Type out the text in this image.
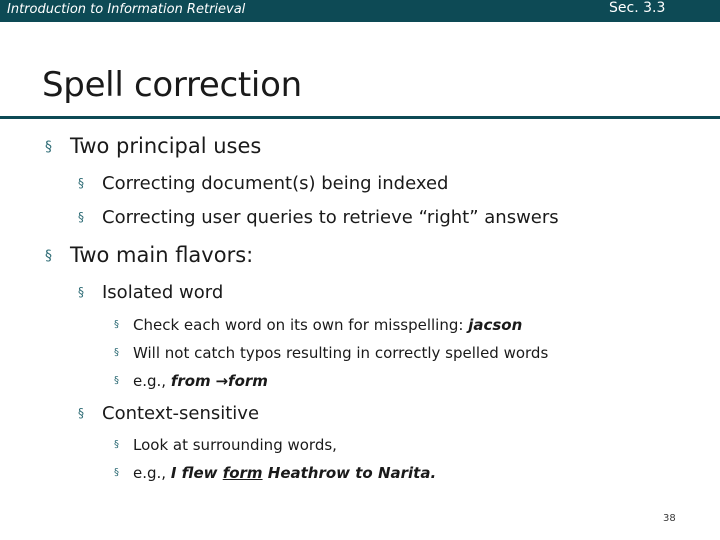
Introduction to Information Retrieval	Sec. 3.3
Spell correction
§ Two principal uses
§ Correcting document(s) being indexed
§ Correcting user queries to retrieve “right” answers
§ Two main flavors:
§ Isolated word
§ Check each word on its own for misspelling: jacson
§ Will not catch typos resulting in correctly spelled words
§ e.g., from →form
§ Context-sensitive
§ Look at surrounding words,
§ e.g., I flew form Heathrow to Narita.
38
